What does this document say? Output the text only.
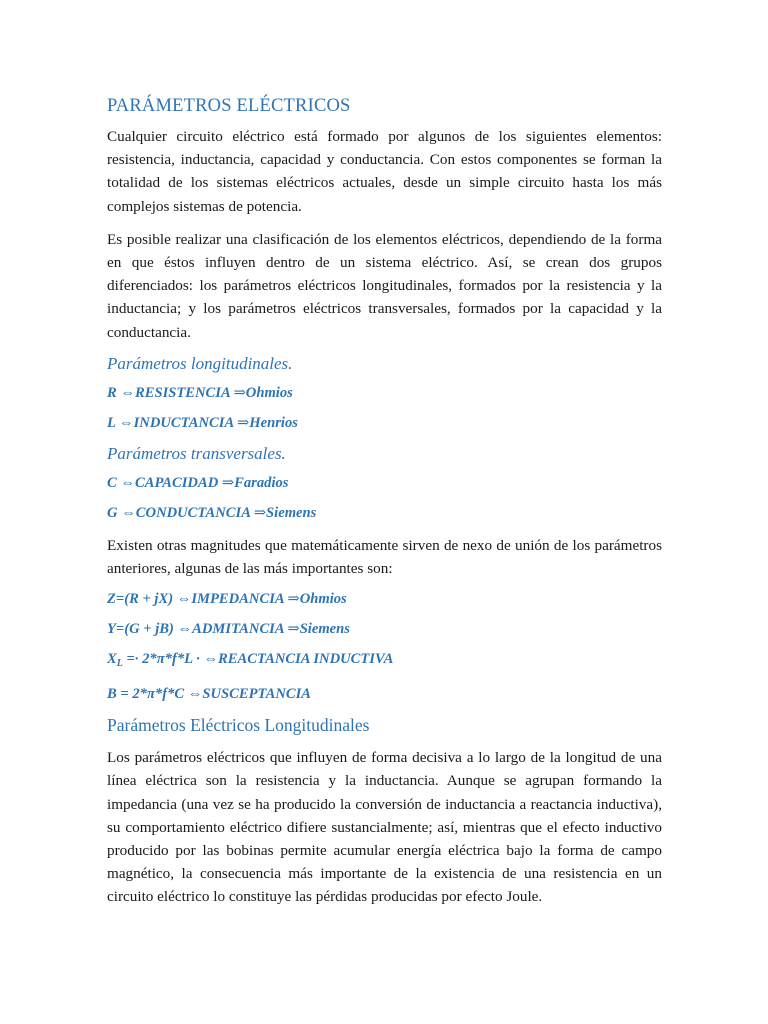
PARÁMETROS ELÉCTRICOS

Cualquier circuito eléctrico está formado por algunos de los siguientes elementos: resistencia, inductancia, capacidad y conductancia. Con estos componentes se forman la totalidad de los sistemas eléctricos actuales, desde un simple circuito hasta los más complejos sistemas de potencia.

Es posible realizar una clasificación de los elementos eléctricos, dependiendo de la forma en que éstos influyen dentro de un sistema eléctrico. Así, se crean dos grupos diferenciados: los parámetros eléctricos longitudinales, formados por la resistencia y la inductancia; y los parámetros eléctricos transversales, formados por la capacidad y la conductancia.

Parámetros longitudinales.
R ⇔RESISTENCIA ⇒Ohmios
L ⇔INDUCTANCIA ⇒Henrios
Parámetros transversales.
C ⇔CAPACIDAD ⇒Faradios
G ⇔CONDUCTANCIA ⇒Siemens

Existen otras magnitudes que matemáticamente sirven de nexo de unión de los parámetros anteriores, algunas de las más importantes son:

Z=(R + jX) ⇔IMPEDANCIA ⇒Ohmios
Y=(G + jB) ⇔ADMITANCIA ⇒Siemens
$X_L =\cdot 2*\pi*f*L$ · ⇔REACTANCIA INDUCTIVA
B = 2*π*f*C ⇔SUSCEPTANCIA
Parámetros Eléctricos Longitudinales

Los parámetros eléctricos que influyen de forma decisiva a lo largo de la longitud de una línea eléctrica son la resistencia y la inductancia. Aunque se agrupan formando la impedancia (una vez se ha producido la conversión de inductancia a reactancia inductiva), su comportamiento eléctrico difiere sustancialmente; así, mientras que el efecto inductivo producido por las bobinas permite acumular energía eléctrica bajo la forma de campo magnético, la consecuencia más importante de la existencia de una resistencia en un circuito eléctrico lo constituye las pérdidas producidas por efecto Joule.
